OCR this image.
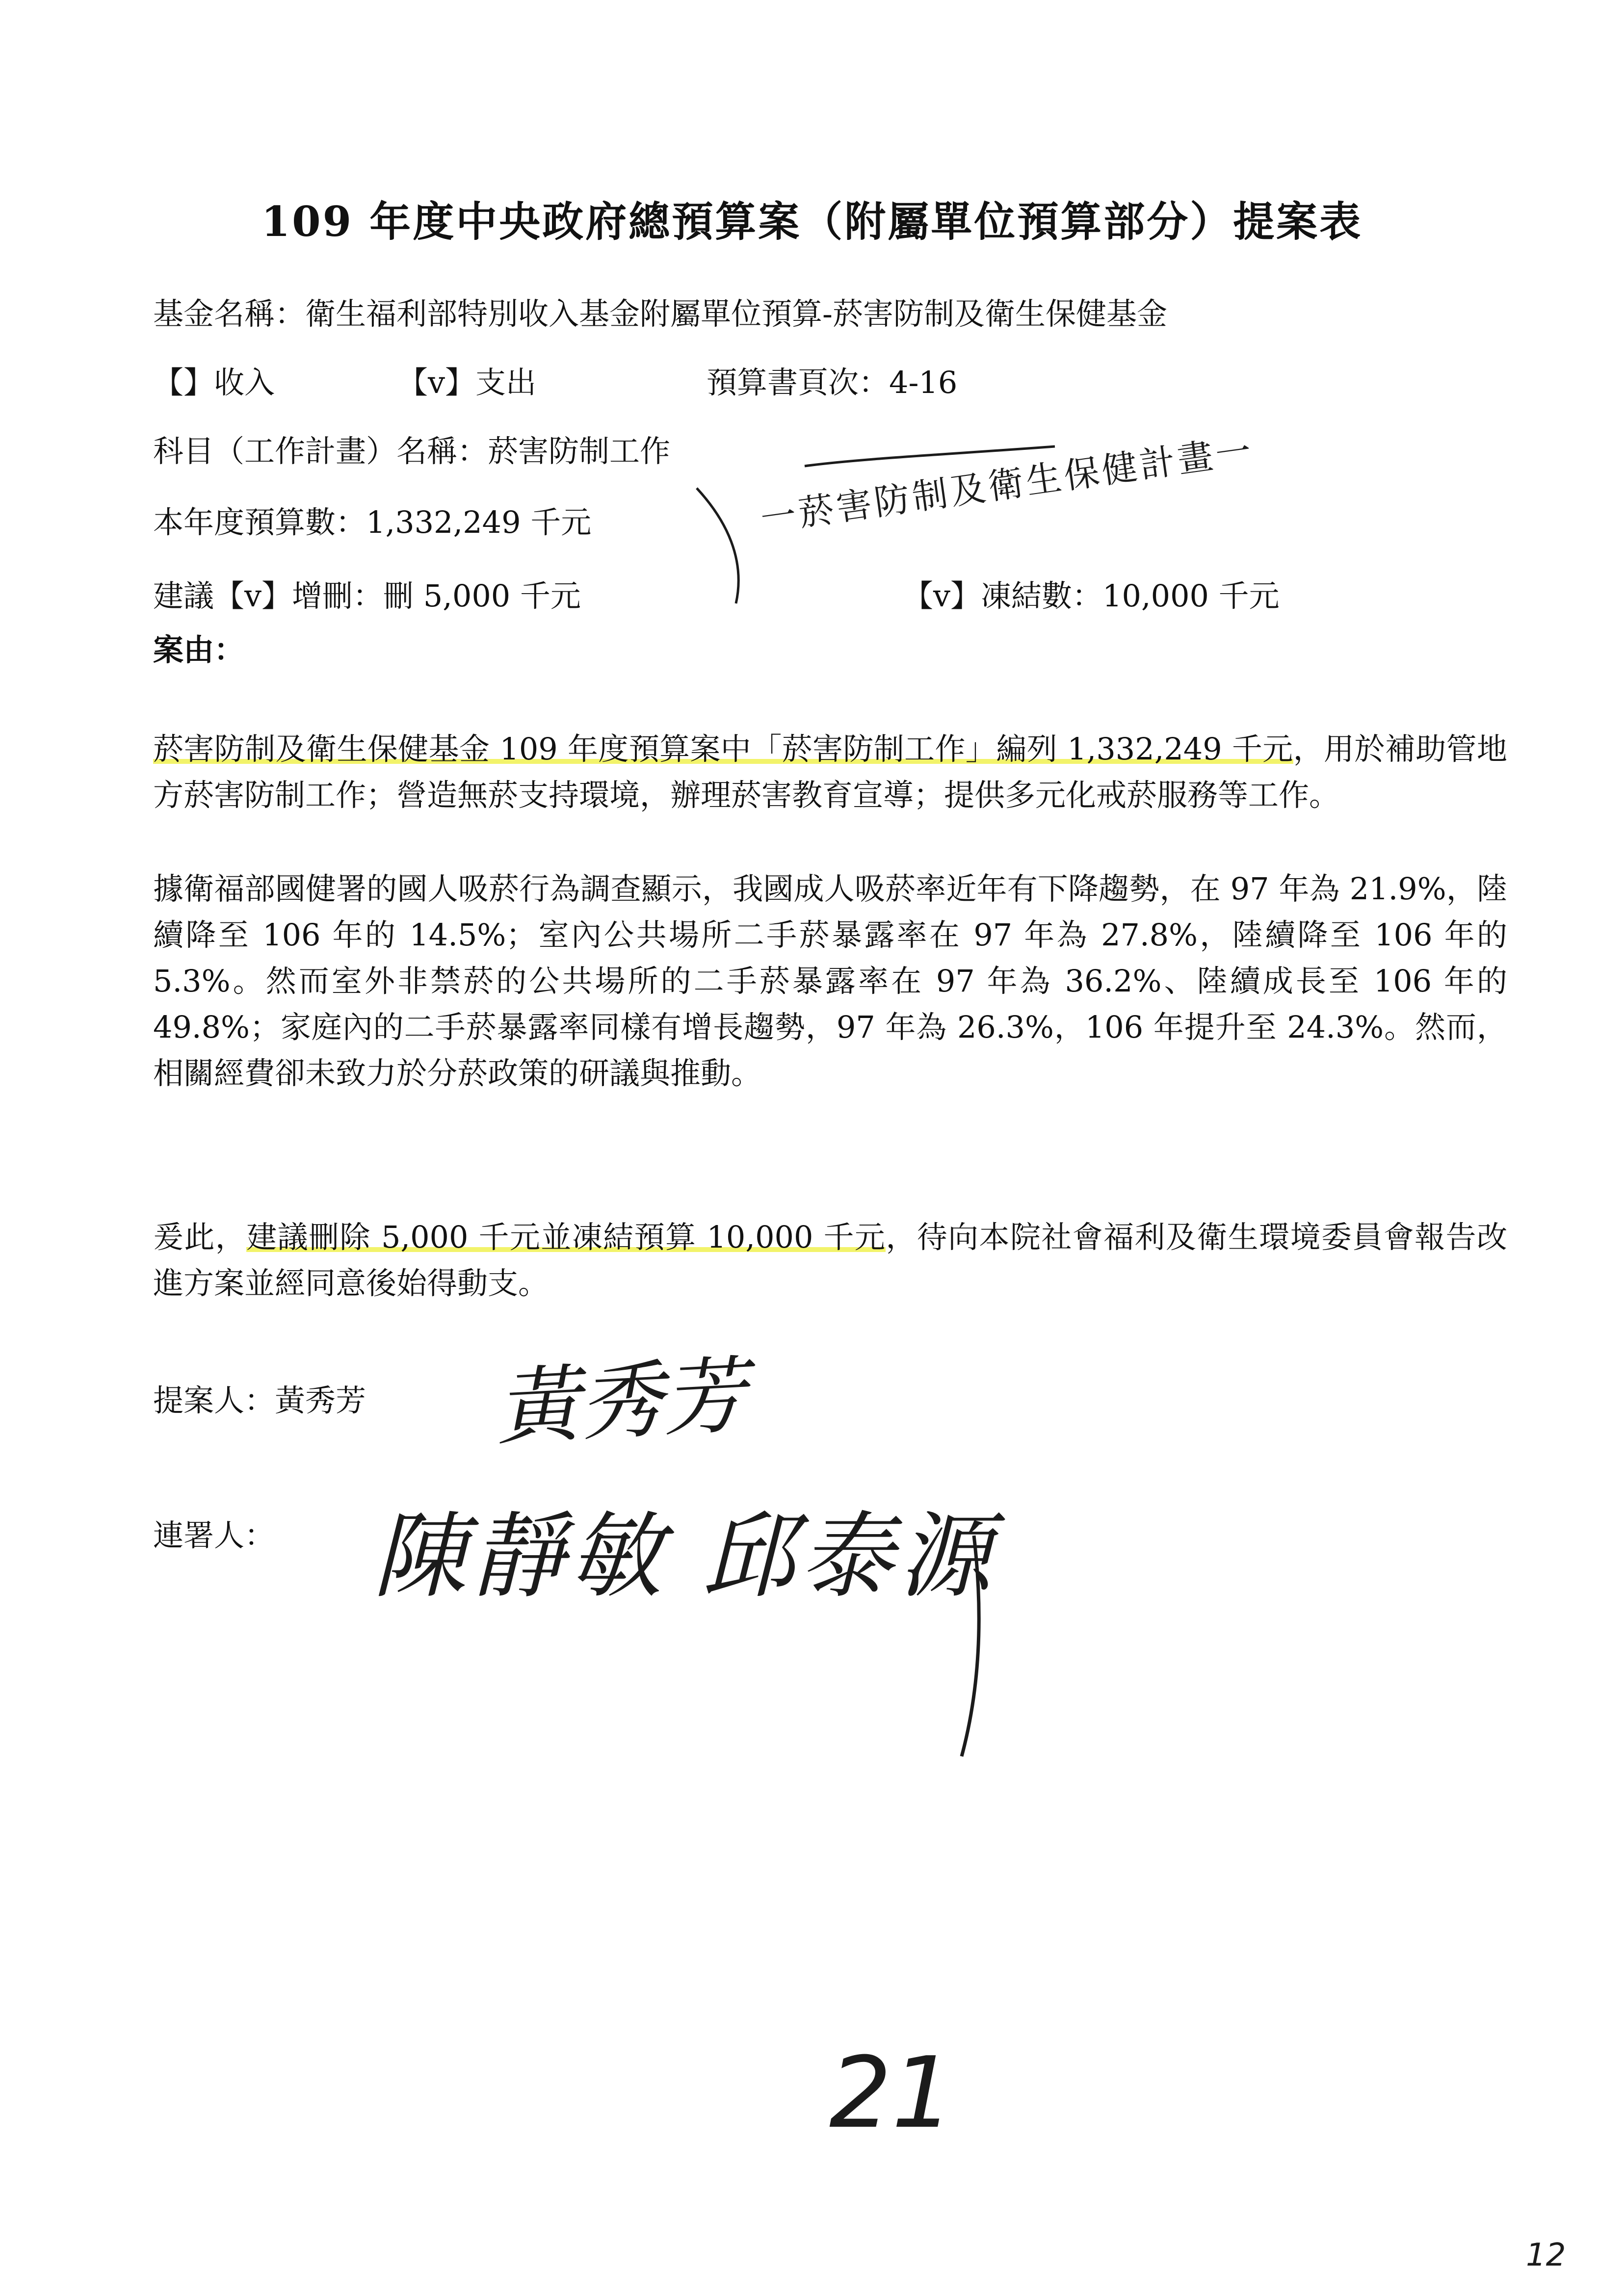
109 年度中央政府總預算案（附屬單位預算部分）提案表
基金名稱：衛生福利部特別收入基金附屬單位預算-菸害防制及衛生保健基金
【】收入	【v】支出	預算書頁次：4-16
科目（工作計畫）名稱：菸害防制工作
本年度預算數：1,332,249 千元
建議【v】增刪：刪 5,000 千元	【v】凍結數：10,000 千元
案由：
菸害防制及衛生保健基金 109 年度預算案中「菸害防制工作」編列 1,332,249 千元，用於補助管地方菸害防制工作；營造無菸支持環境，辦理菸害教育宣導；提供多元化戒菸服務等工作。
據衛福部國健署的國人吸菸行為調查顯示，我國成人吸菸率近年有下降趨勢，在 97 年為 21.9%，陸續降至 106 年的 14.5%；室內公共場所二手菸暴露率在 97 年為 27.8%，陸續降至 106 年的 5.3%。然而室外非禁菸的公共場所的二手菸暴露率在 97 年為 36.2%、陸續成長至 106 年的 49.8%；家庭內的二手菸暴露率同樣有增長趨勢，97 年為 26.3%，106 年提升至 24.3%。然而，相關經費卻未致力於分菸政策的研議與推動。
爰此，建議刪除 5,000 千元並凍結預算 10,000 千元，待向本院社會福利及衛生環境委員會報告改進方案並經同意後始得動支。
提案人：黃秀芳
連署人：
一菸害防制及衛生保健計畫一
黃秀芳
陳靜敏 邱泰源
21
12
